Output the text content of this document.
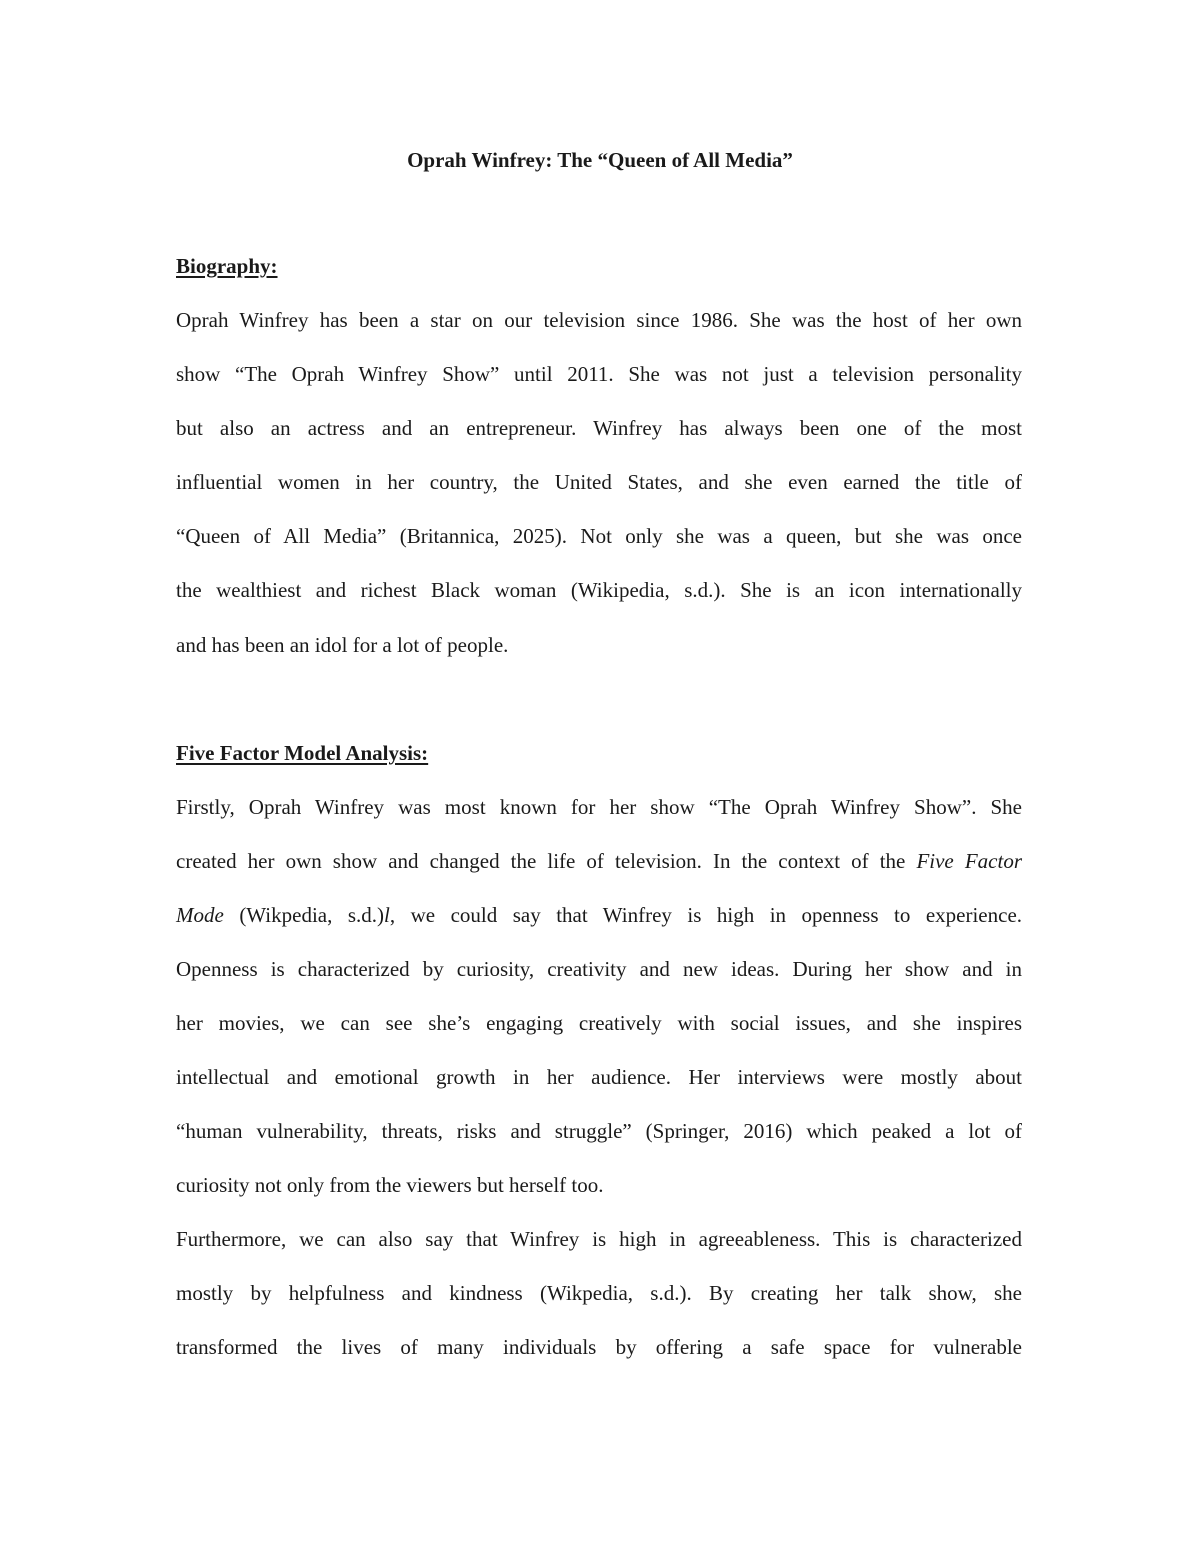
Oprah Winfrey: The “Queen of All Media”
Biography:
Oprah Winfrey has been a star on our television since 1986. She was the host of her own
show “The Oprah Winfrey Show” until 2011. She was not just a television personality
but also an actress and an entrepreneur. Winfrey has always been one of the most
influential women in her country, the United States, and she even earned the title of
“Queen of All Media” (Britannica, 2025). Not only she was a queen, but she was once
the wealthiest and richest Black woman (Wikipedia, s.d.). She is an icon internationally
and has been an idol for a lot of people.
Five Factor Model Analysis:
Firstly, Oprah Winfrey was most known for her show “The Oprah Winfrey Show”. She
created her own show and changed the life of television. In the context of the Five Factor
Mode (Wikpedia, s.d.)l, we could say that Winfrey is high in openness to experience.
Openness is characterized by curiosity, creativity and new ideas. During her show and in
her movies, we can see she’s engaging creatively with social issues, and she inspires
intellectual and emotional growth in her audience. Her interviews were mostly about
“human vulnerability, threats, risks and struggle” (Springer, 2016) which peaked a lot of
curiosity not only from the viewers but herself too.
Furthermore, we can also say that Winfrey is high in agreeableness. This is characterized
mostly by helpfulness and kindness (Wikpedia, s.d.). By creating her talk show, she
transformed the lives of many individuals by offering a safe space for vulnerable
